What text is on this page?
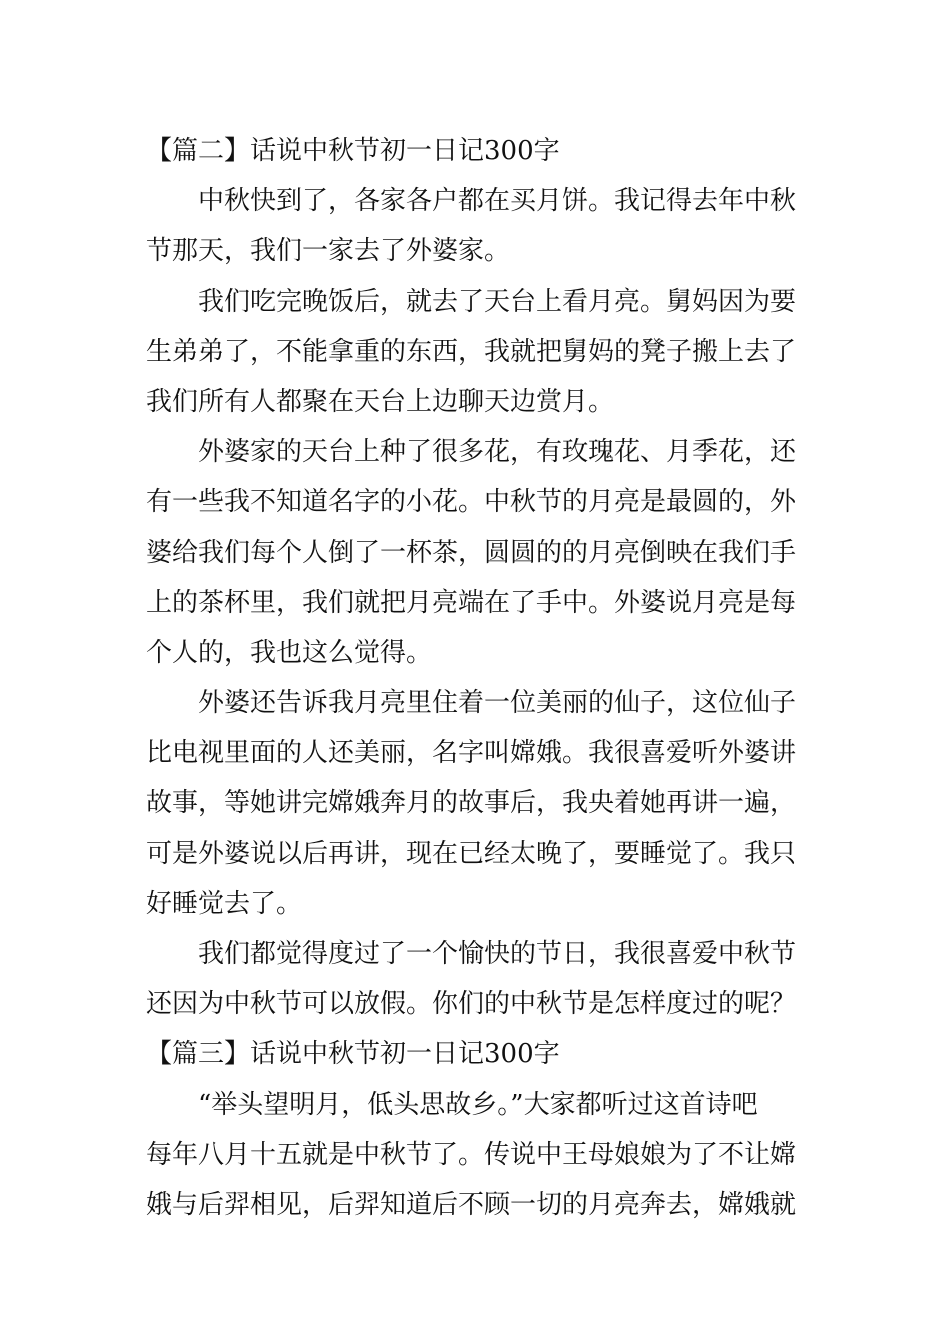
【篇二】话说中秋节初一日记300字
中秋快到了，各家各户都在买月饼。我记得去年中秋
节那天，我们一家去了外婆家。
我们吃完晚饭后，就去了天台上看月亮。舅妈因为要
生弟弟了，不能拿重的东西，我就把舅妈的凳子搬上去了
我们所有人都聚在天台上边聊天边赏月。
外婆家的天台上种了很多花，有玫瑰花、月季花，还
有一些我不知道名字的小花。中秋节的月亮是最圆的，外
婆给我们每个人倒了一杯茶，圆圆的的月亮倒映在我们手
上的茶杯里，我们就把月亮端在了手中。外婆说月亮是每
个人的，我也这么觉得。
外婆还告诉我月亮里住着一位美丽的仙子，这位仙子
比电视里面的人还美丽，名字叫嫦娥。我很喜爱听外婆讲
故事，等她讲完嫦娥奔月的故事后，我央着她再讲一遍，
可是外婆说以后再讲，现在已经太晚了，要睡觉了。我只
好睡觉去了。
我们都觉得度过了一个愉快的节日，我很喜爱中秋节
还因为中秋节可以放假。你们的中秋节是怎样度过的呢？
【篇三】话说中秋节初一日记300字
“举头望明月，低头思故乡。”大家都听过这首诗吧
每年八月十五就是中秋节了。传说中王母娘娘为了不让嫦
娥与后羿相见，后羿知道后不顾一切的月亮奔去，嫦娥就
